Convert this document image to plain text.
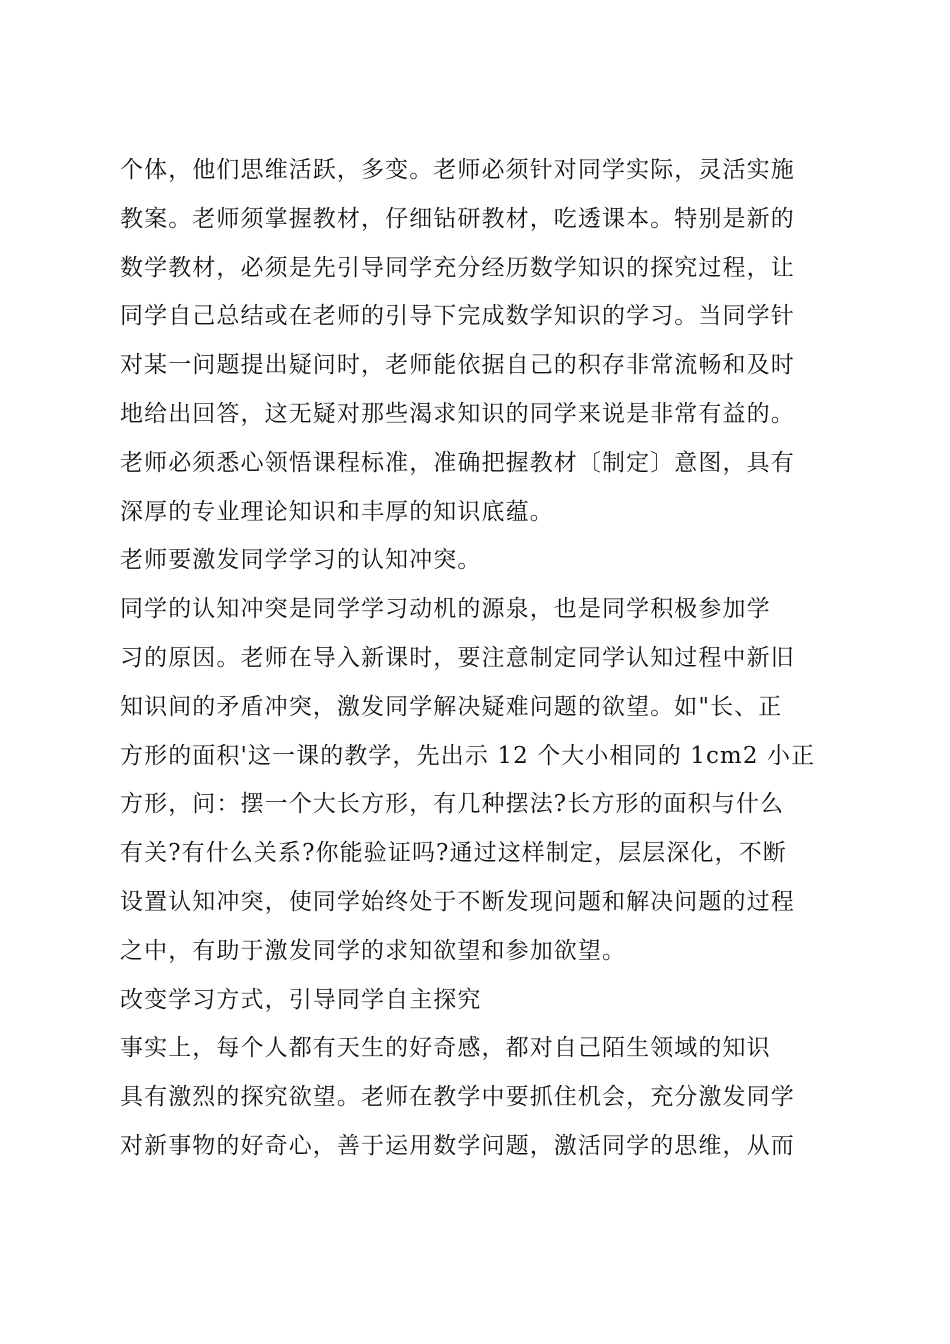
个体，他们思维活跃，多变。老师必须针对同学实际，灵活实施
教案。老师须掌握教材，仔细钻研教材，吃透课本。特别是新的
数学教材，必须是先引导同学充分经历数学知识的探究过程，让
同学自己总结或在老师的引导下完成数学知识的学习。当同学针
对某一问题提出疑问时，老师能依据自己的积存非常流畅和及时
地给出回答，这无疑对那些渴求知识的同学来说是非常有益的。
老师必须悉心领悟课程标准，准确把握教材〔制定〕意图，具有
深厚的专业理论知识和丰厚的知识底蕴。
老师要激发同学学习的认知冲突。
同学的认知冲突是同学学习动机的源泉，也是同学积极参加学
习的原因。老师在导入新课时，要注意制定同学认知过程中新旧
知识间的矛盾冲突，激发同学解决疑难问题的欲望。如"长、正
方形的面积'这一课的教学，先出示 12 个大小相同的 1cm2 小正
方形，问：摆一个大长方形，有几种摆法?长方形的面积与什么
有关?有什么关系?你能验证吗?通过这样制定，层层深化，不断
设置认知冲突，使同学始终处于不断发现问题和解决问题的过程
之中，有助于激发同学的求知欲望和参加欲望。
改变学习方式，引导同学自主探究
事实上，每个人都有天生的好奇感，都对自己陌生领域的知识
具有激烈的探究欲望。老师在教学中要抓住机会，充分激发同学
对新事物的好奇心，善于运用数学问题，激活同学的思维，从而
